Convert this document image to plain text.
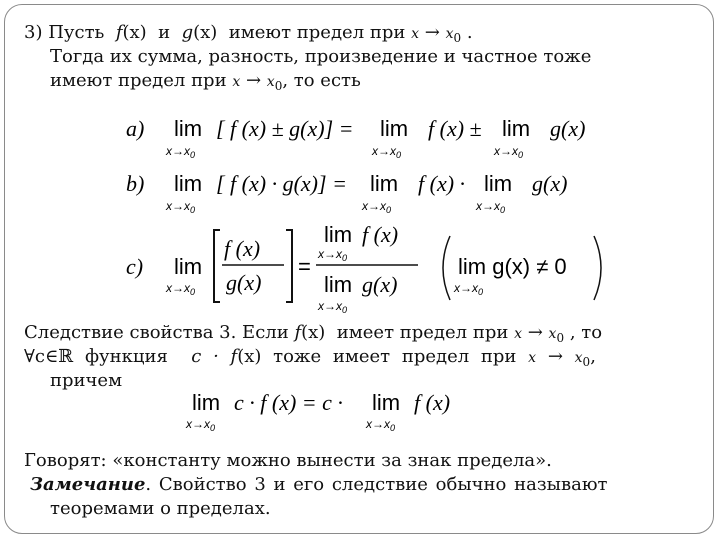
3) Пусть f(x) и g(x) имеют предел при $x \to x_0$ .
Тогда их сумма, разность, произведение и частное тоже
имеют предел при $x \to x_0$, то есть
a) lim
$x\to x_0$
[ f (x) ± g(x)] = lim
$x\to x_0$
f (x) ± lim
$x\to x_0$
g(x)
b) lim
$x\to x_0$
[ f (x) · g(x)] = lim
$x\to x_0$
f (x) · lim
$x\to x_0$
g(x)
c) lim
$x\to x_0$
f (x)
g(x)
=
lim
$x\to x_0$
f (x)
lim
$x\to x_0$
g(x)
lim g(x) ≠ 0
$x\to x_0$
Следствие свойства 3. Если f(x) имеет предел при $x \to x_0$ , то
∀c∈ℝ функция c · f(x) тоже имеет предел при $x \to x_0$,
причем
lim
$x\to x_0$
c · f (x) = c · lim
$x\to x_0$
f (x)
Говорят: «константу можно вынести за знак предела».
Замечание. Свойство 3 и его следствие обычно называют
теоремами о пределах.
